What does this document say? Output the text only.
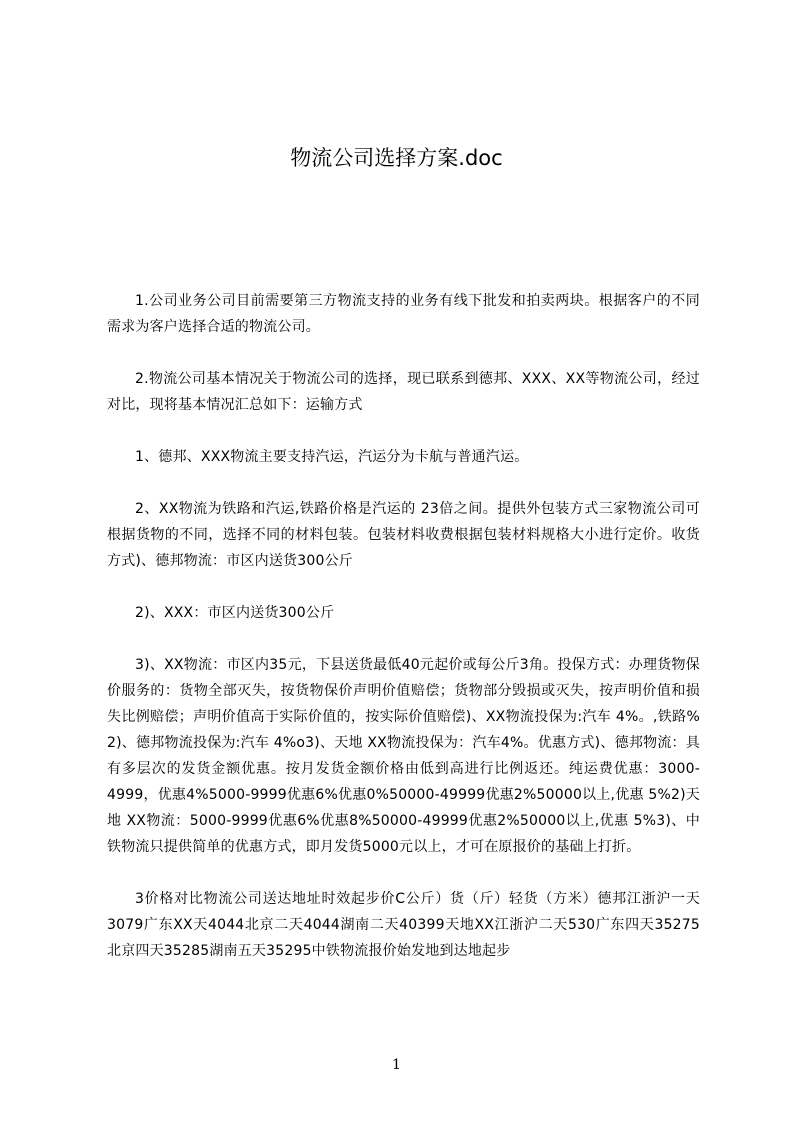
物流公司选择方案.doc

1.公司业务公司目前需要第三方物流支持的业务有线下批发和拍卖两块。根据客户的不同需求为客户选择合适的物流公司。

2.物流公司基本情况关于物流公司的选择，现已联系到德邦、XXX、XX等物流公司，经过对比，现将基本情况汇总如下：运输方式

1、德邦、XXX物流主要支持汽运，汽运分为卡航与普通汽运。

2、XX物流为铁路和汽运,铁路价格是汽运的 23倍之间。提供外包装方式三家物流公司可根据货物的不同，选择不同的材料包装。包装材料收费根据包装材料规格大小进行定价。收货方式)、德邦物流：市区内送货300公斤

2)、XXX：市区内送货300公斤

3)、XX物流：市区内35元，下县送货最低40元起价或每公斤3角。投保方式：办理货物保价服务的：货物全部灭失，按货物保价声明价值赔偿；货物部分毁损或灭失，按声明价值和损失比例赔偿；声明价值高于实际价值的，按实际价值赔偿)、XX物流投保为:汽车 4%。,铁路% 2)、德邦物流投保为:汽车 4%o3)、天地 XX物流投保为：汽车4%。优惠方式)、德邦物流：具有多层次的发货金额优惠。按月发货金额价格由低到高进行比例返还。纯运费优惠：3000-4999，优惠4%5000-9999优惠6%优惠0%50000-49999优惠2%50000以上,优惠 5%2)天地 XX物流：5000-9999优惠6%优惠8%50000-49999优惠2%50000以上,优惠 5%3)、中铁物流只提供简单的优惠方式，即月发货5000元以上，才可在原报价的基础上打折。

3价格对比物流公司送达地址时效起步价C公斤）货（斤）轻货（方米）德邦江浙沪一天3079广东XX天4044北京二天4044湖南二天40399天地XX江浙沪二天530广东四天35275北京四天35285湖南五天35295中铁物流报价始发地到达地起步

1
